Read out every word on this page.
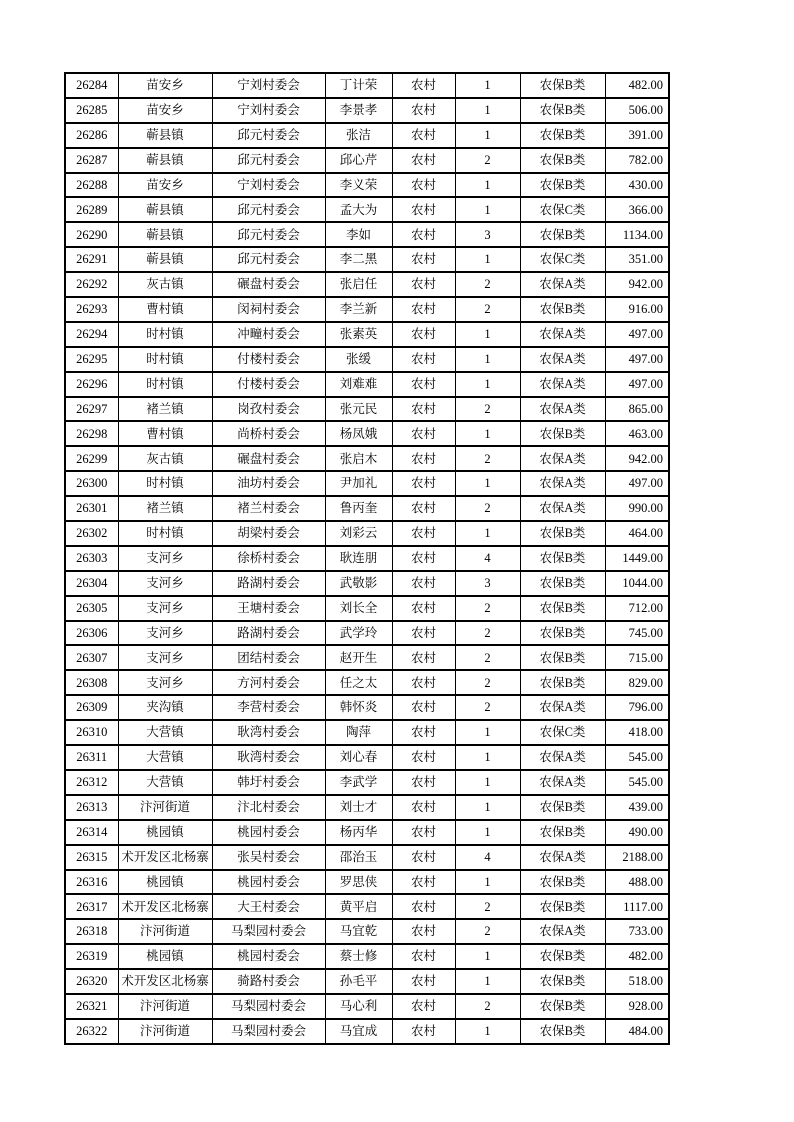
26284	苗安乡	宁刘村委会	丁计荣	农村	1	农保B类	482.00
26285	苗安乡	宁刘村委会	李景孝	农村	1	农保B类	506.00
26286	蕲县镇	邱元村委会	张洁	农村	1	农保B类	391.00
26287	蕲县镇	邱元村委会	邱心芹	农村	2	农保B类	782.00
26288	苗安乡	宁刘村委会	李义荣	农村	1	农保B类	430.00
26289	蕲县镇	邱元村委会	孟大为	农村	1	农保C类	366.00
26290	蕲县镇	邱元村委会	李如	农村	3	农保B类	1134.00
26291	蕲县镇	邱元村委会	李二黑	农村	1	农保C类	351.00
26292	灰古镇	碾盘村委会	张启任	农村	2	农保A类	942.00
26293	曹村镇	闵祠村委会	李兰新	农村	2	农保B类	916.00
26294	时村镇	冲疃村委会	张素英	农村	1	农保A类	497.00
26295	时村镇	付楼村委会	张缓	农村	1	农保A类	497.00
26296	时村镇	付楼村委会	刘难难	农村	1	农保A类	497.00
26297	褚兰镇	岗孜村委会	张元民	农村	2	农保A类	865.00
26298	曹村镇	尚桥村委会	杨凤娥	农村	1	农保B类	463.00
26299	灰古镇	碾盘村委会	张启木	农村	2	农保A类	942.00
26300	时村镇	油坊村委会	尹加礼	农村	1	农保A类	497.00
26301	褚兰镇	褚兰村委会	鲁丙奎	农村	2	农保A类	990.00
26302	时村镇	胡梁村委会	刘彩云	农村	1	农保B类	464.00
26303	支河乡	徐桥村委会	耿连朋	农村	4	农保B类	1449.00
26304	支河乡	路湖村委会	武敬影	农村	3	农保B类	1044.00
26305	支河乡	王塘村委会	刘长全	农村	2	农保B类	712.00
26306	支河乡	路湖村委会	武学玲	农村	2	农保B类	745.00
26307	支河乡	团结村委会	赵开生	农村	2	农保B类	715.00
26308	支河乡	方河村委会	任之太	农村	2	农保B类	829.00
26309	夹沟镇	李营村委会	韩怀炎	农村	2	农保A类	796.00
26310	大营镇	耿湾村委会	陶萍	农村	1	农保C类	418.00
26311	大营镇	耿湾村委会	刘心春	农村	1	农保A类	545.00
26312	大营镇	韩圩村委会	李武学	农村	1	农保A类	545.00
26313	汴河街道	汴北村委会	刘士才	农村	1	农保B类	439.00
26314	桃园镇	桃园村委会	杨丙华	农村	1	农保B类	490.00
26315	术开发区北杨寨	张吴村委会	邵治玉	农村	4	农保A类	2188.00
26316	桃园镇	桃园村委会	罗思侠	农村	1	农保B类	488.00
26317	术开发区北杨寨	大王村委会	黄平启	农村	2	农保B类	1117.00
26318	汴河街道	马梨园村委会	马宜乾	农村	2	农保A类	733.00
26319	桃园镇	桃园村委会	蔡士修	农村	1	农保B类	482.00
26320	术开发区北杨寨	骑路村委会	孙毛平	农村	1	农保B类	518.00
26321	汴河街道	马梨园村委会	马心利	农村	2	农保B类	928.00
26322	汴河街道	马梨园村委会	马宜成	农村	1	农保B类	484.00
